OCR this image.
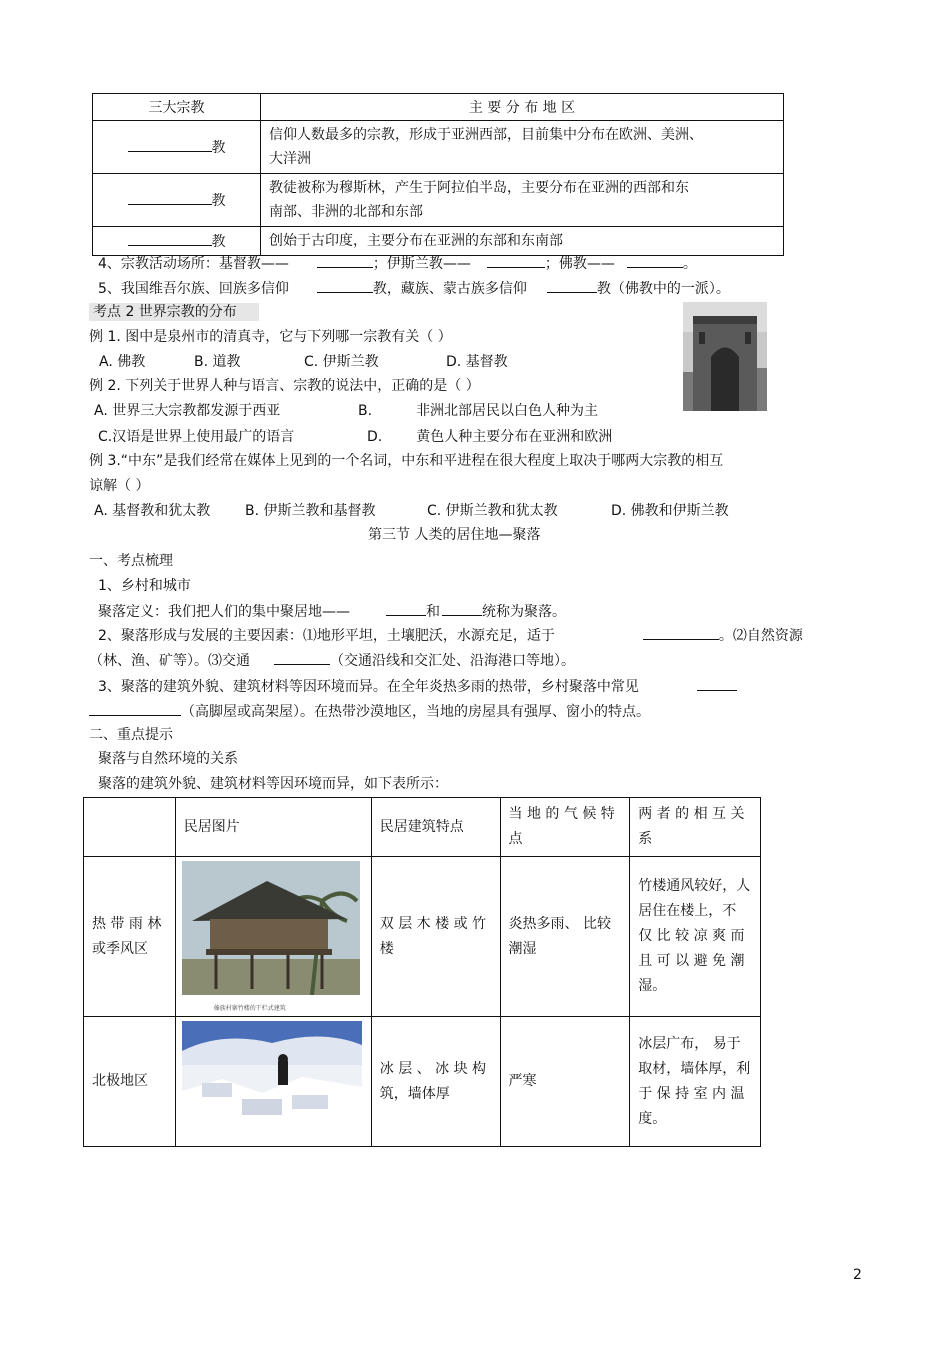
三大宗教	主 要 分 布 地 区
教	信仰人数最多的宗教，形成于亚洲西部，目前集中分布在欧洲、美洲、
大洋洲

教	教徒被称为穆斯林，产生于阿拉伯半岛，主要分布在亚洲的西部和东
南部、非洲的北部和东部

教	创始于古印度，主要分布在亚洲的东部和东南部
4、宗教活动场所：基督教——	；伊斯兰教——	；佛教——	。
5、我国维吾尔族、回族多信仰	教，藏族、蒙古族多信仰	教（佛教中的一派）。
考点 2 世界宗教的分布
例 1. 图中是泉州市的清真寺，它与下列哪一宗教有关（ ）
A. 佛教	B. 道教	C. 伊斯兰教	D. 基督教
例 2. 下列关于世界人种与语言、宗教的说法中，正确的是（ ）
A. 世界三大宗教都发源于西亚	B.	非洲北部居民以白色人种为主
C.汉语是世界上使用最广的语言	D. 黄色人种主要分布在亚洲和欧洲
例 3.“中东”是我们经常在媒体上见到的一个名词，中东和平进程在很大程度上取决于哪两大宗教的相互
谅解（ ）
A. 基督教和犹太教 B. 伊斯兰教和基督教	C. 伊斯兰教和犹太教	D. 佛教和伊斯兰教
第三节 人类的居住地—聚落
一、考点梳理
1、乡村和城市
聚落定义：我们把人们的集中聚居地——	和	统称为聚落。
2、聚落形成与发展的主要因素：⑴地形平坦，土壤肥沃，水源充足，适于	。⑵自然资源
（林、渔、矿等）。⑶交通	（交通沿线和交汇处、沿海港口等地）。
3、聚落的建筑外貌、建筑材料等因环境而异。在全年炎热多雨的热带，乡村聚落中常见
（高脚屋或高架屋）。在热带沙漠地区，当地的房屋具有强厚、窗小的特点。
二、重点提示
聚落与自然环境的关系
聚落的建筑外貌、建筑材料等因环境而异，如下表所示：
	民居图片	民居建筑特点	当 地 的 气 候 特 点	两 者 的 相 互 关 系
热 带 雨 林 或季风区	傣族村寨竹楼的干栏式建筑	双 层 木 楼 或 竹 楼	炎热多雨、 比较潮湿	竹楼通风较好，人居住在楼上，不 仅 比 较 凉 爽 而 且 可 以 避 免 潮湿。
北极地区		冰 层 、 冰 块 构 筑，墙体厚	严寒	冰层广布， 易于取材，墙体厚，利 于 保 持 室 内 温度。
2
